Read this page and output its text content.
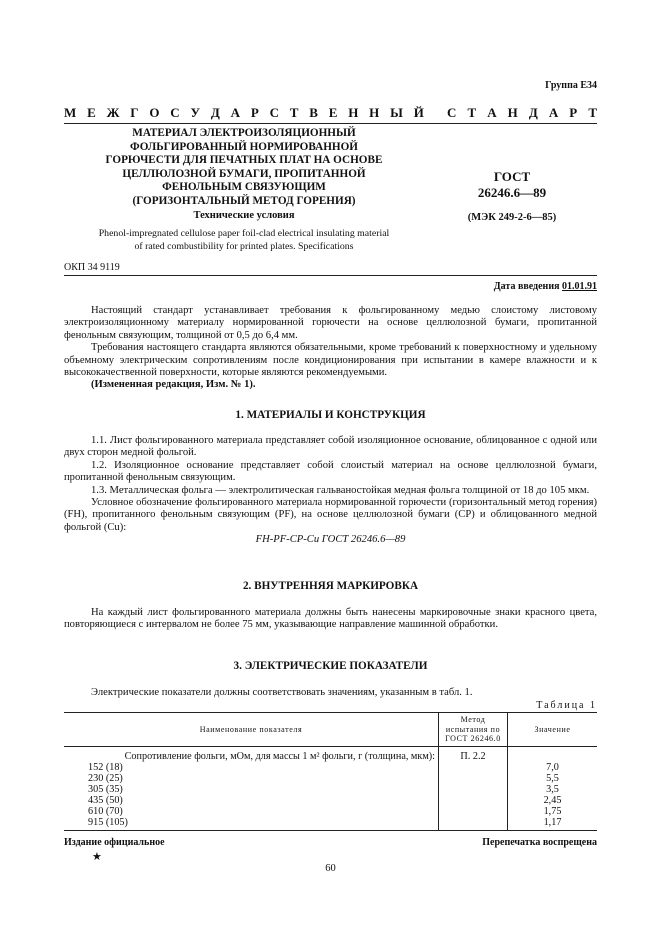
Группа Е34
М Е Ж Г О С У Д А Р С Т В Е Н Н Ы Й С Т А Н Д А Р Т
МАТЕРИАЛ ЭЛЕКТРОИЗОЛЯЦИОННЫЙ
ФОЛЬГИРОВАННЫЙ НОРМИРОВАННОЙ
ГОРЮЧЕСТИ ДЛЯ ПЕЧАТНЫХ ПЛАТ НА ОСНОВЕ
ЦЕЛЛЮЛОЗНОЙ БУМАГИ, ПРОПИТАННОЙ
ФЕНОЛЬНЫМ СВЯЗУЮЩИМ
(ГОРИЗОНТАЛЬНЫЙ МЕТОД ГОРЕНИЯ)
Технические условия
Phenol-impregnated cellulose paper foil-clad electrical insulating material
of rated combustibility for printed plates. Specifications
ГОСТ
26246.6—89
(МЭК 249-2-6—85)
ОКП 34 9119
Дата введения 01.01.91

Настоящий стандарт устанавливает требования к фольгированному медью слоистому листовому электроизоляционному материалу нормированной горючести на основе целлюлозной бумаги, пропитанной фенольным связующим, толщиной от 0,5 до 6,4 мм.

Требования настоящего стандарта являются обязательными, кроме требований к поверхностному и удельному объемному электрическим сопротивлениям после кондиционирования при испытании в камере влажности и к высококачественной поверхности, которые являются рекомендуемыми.

(Измененная редакция, Изм. № 1).

1. МАТЕРИАЛЫ И КОНСТРУКЦИЯ

1.1. Лист фольгированного материала представляет собой изоляционное основание, облицованное с одной или двух сторон медной фольгой.

1.2. Изоляционное основание представляет собой слоистый материал на основе целлюлозной бумаги, пропитанной фенольным связующим.

1.3. Металлическая фольга — электролитическая гальваностойкая медная фольга толщиной от 18 до 105 мкм.

Условное обозначение фольгированного материала нормированной горючести (горизонтальный метод горения) (FH), пропитанного фенольным связующим (PF), на основе целлюлозной бумаги (CP) и облицованного медной фольгой (Cu):

FH-PF-CP-Cu ГОСТ 26246.6—89

2. ВНУТРЕННЯЯ МАРКИРОВКА

На каждый лист фольгированного материала должны быть нанесены маркировочные знаки красного цвета, повторяющиеся с интервалом не более 75 мм, указывающие направление машинной обработки.

3. ЭЛЕКТРИЧЕСКИЕ ПОКАЗАТЕЛИ

Электрические показатели должны соответствовать значениям, указанным в табл. 1.

Таблица 1
Наименование показателя	Метод испытания по ГОСТ 26246.0	Значение
Сопротивление фольги, мОм, для массы 1 м² фольги, г (толщина, мкм):	П. 2.2	
152 (18)		7,0
230 (25)		5,5
305 (35)		3,5
435 (50)		2,45
610 (70)		1,75
915 (105)		1,17
Издание официальное	Перепечатка воспрещена
★
60
